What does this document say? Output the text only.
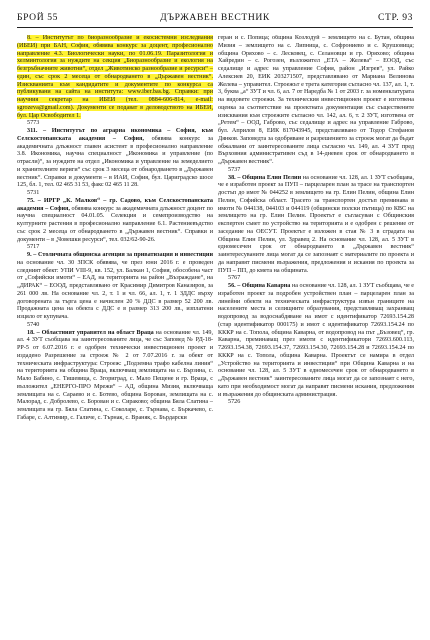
БРОЙ 55	ДЪРЖАВЕН ВЕСТНИК	СТР. 93

8. – Институтът по биоразнообразие и екосистемни изследвания (ИБЕИ) при БАН, София, обявява конкурс за доцент, професионално направление 4.3. Биологически науки, по 01.06.19. Паразитология и хелминтология за нуждите на секция „Биоразнообразие и екология на безгръбначните животни“, отдел „Животинско разнообразие и ресурси“ – един, със срок 2 месеца от обнародването в „Държавен вестник“. Изискванията към кандидатите и документите по конкурса са публикувани на сайта на института: www.iber.bas.bg. Справки: при научния секретар на ИБЕИ (тел. 0884-606-814, e-mail: sgrozeva@gmail.com). Документи се подават в деловодството на ИБЕИ, бул. Цар Освободител 1.

5773

311. – Институтът по аграрна икономика – София, към Селскостопанската академия – София, обявява конкурс за академичната длъжност главен асистент в професионално направление 3.8. Икономика, научна специалност „Икономика и управление (по отрасли)“, за нуждите на отдел „Икономика и управление на земеделието и хранителните вериги“ със срок 3 месеца от обнародването в „Държавен вестник“. Справки и документи – в ИАИ, София, бул. Цариградско шосе 125, бл. 1, тел. 02 465 31 53, факс 02 465 11 28.

5731

75. – ИРГР „К. Малков“ – гр. Садово, към Селскостопанската академия – София, обявява конкурс за академичната длъжност доцент по научна специалност 04.01.05. Селекция и семепроизводство на културните растения в професионално направление 6.1. Растениевъдство със срок 2 месеца от обнародването в „Държавен вестник“. Справки и документи – в „Човешки ресурси“, тел. 032/62-90-26.

5717

9. – Столичната общинска агенция за приватизация и инвестиции на основание чл. 30 ЗПСК обявява, че през юни 2016 г. е проведен следният обект: УПИ VIII-9, кв. 152, ул. Балкан 1, София, обособена част от „Софийски имоти“ – ЕАД, на територията на район „Възраждане“, на „ДИРАК“ – ЕООД, представлявано от Красимир Димитров Каназиров, за 261 000 лв. На основание чл. 2, т. 1 и чл. 66, ал. 1, т. 1 ЗДДС върху договорената за търга цена е начислен 20 % ДДС в размер 52 200 лв. Продажната цена на обекта с ДДС е в размер 313 200 лв., изплатени изцяло от купувача.

5740

18. – Областният управител на област Враца на основание чл. 149, ал. 4 ЗУТ съобщава на заинтересованите лица, че със Заповед № РД-18-РР-5 от 6.07.2016 г. е одобрен технически инвестиционен проект и издадено Разрешение за строеж № 2 от 7.07.2016 г. за обект от техническата инфраструктура: Строеж: „Подземна трафо кабелна линия“ на територията на община Враца, включващ землищата на с. Бързина, с. Мало Бабино, с. Тишевица, с. Згориград, с. Мало Пещене и гр. Враца, с възложител „ЕНЕРГО-ПРО Мрежи“ – АД, община Мизия, включваща землищата на с. Сараево и с. Ботево, община Борован, землищата на с. Малорад, с. Добролево, с. Борован и с. Сираково; община Бяла Слатина – землищата на гр. Бяла Слатина, с. Соколаре, с. Търнава, с. Бъркачево, с. Габаре, с. Алтимир, с. Галиче, с. Търнак, с. Враняк, с. Бърдарски

геран и с. Попица; община Козлодуй – землището на с. Бутан, община Мизия – землището на с. Липница, с. Софрониево и с. Крушовица; община Оряхово – с. Лесковец, с. Селановци и гр. Оряхово; община Хайредин – с. Рогозен, възложител „ЕТА – Желева“ – ЕООД, със седалище и адрес на управление София, район „Изгрев“, ул. Райко Алексиев 20, ЕИК 203271507, представлявано от Мариана Велинова Желева – управител. Строежът е трета категория съгласно чл. 137, ал. 1, т. 3, буква „а“ ЗУТ и чл. 6, ал. 7 от Наредба № 1 от 2003 г. за номенклатурата на видовете строежи. За техническия инвестиционен проект е изготвена оценка за съответствие на проектната документация със съществените изисквания към строежите съгласно чл. 142, ал. 6, т. 2 ЗУТ, изготвена от „Ретем“ – ООД, Габрово, със седалище и адрес на управление Габрово, бул. Априлов 8, ЕИК 817043945, представлявано от Тодор Стефанов Дянков. Заповедта за одобряване и разрешението за строеж могат да бъдат обжалвани от заинтересованите лица съгласно чл. 149, ал. 4 ЗУТ пред Върховния административен съд в 14-дневен срок от обнародването в „Държавен вестник“.

5737

38. – Община Елин Пелин на основание чл. 128, ал. 1 ЗУТ съобщава, че е изработен проект за ПУП – парцеларен план за трасе на транспортен достъп до имот № 044252 в землището на гр. Елин Пелин, община Елин Пелин, Софийска област. Трасето за транспортен достъп преминава в имоти № 044138, 044103 и 044119 (общински полски пътища) по КВС на землището на гр. Елин Пелин. Проектът е съгласуван с Общинския експертен съвет по устройство на територията и е одобрен с решение от заседание на ОЕСУТ. Проектът е изложен в стая № 3 в сградата на Община Елин Пелин, ул. Здравец 2. На основание чл. 128, ал. 5 ЗУТ в едномесечен срок от обнародването в „Държавен вестник“ заинтересуваните лица могат да се запознаят с материалите по проекта и да направят писмени възражения, предложения и искания по проекта за ПУП – ПП, до кмета на общината.

5767

56. – Община Каварна на основание чл. 128, ал. 1 ЗУТ съобщава, че е изработен проект за подробен устройствен план – парцеларен план за линейни обекти на техническата инфраструктура извън границите на населените места и селищните образувания, представляващ захранващ водопровод за водоснабдяване на имот с идентификатор 72693.154.28 (стар идентификатор 000175) и имот с идентификатор 72693.154.24 по КККР на с. Топола, община Каварна, от водопровод на път „Бъзовец“, гр. Каварна, преминаващ през имоти с идентификатори 72693.600.113, 72693.154.38, 72693.154.37, 72693.154.30, 72693.154.28 и 72693.154.24 по КККР на с. Топола, община Каварна. Проектът се намира в отдел „Устройство на територията и инвестиции“ при Община Каварна и на основание чл. 128, ал. 5 ЗУТ в едномесечен срок от обнародването в „Държавен вестник“ заинтересованите лица могат да се запознаят с него, като при необходимост могат да направят писмени искания, предложения и възражения до общинската администрация.

5726
